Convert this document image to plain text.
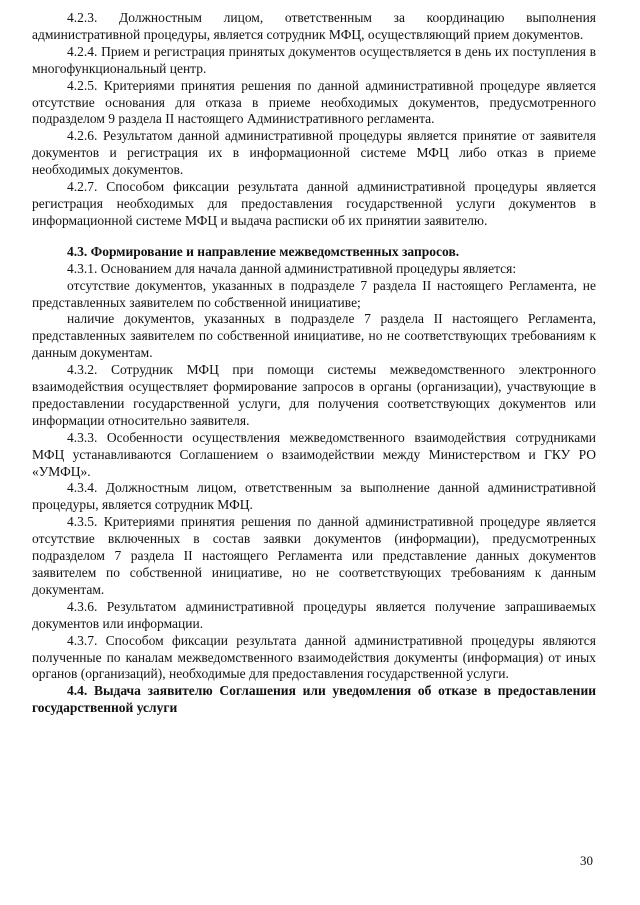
4.2.3. Должностным лицом, ответственным за координацию выполнения административной процедуры, является сотрудник МФЦ, осуществляющий прием документов.

4.2.4. Прием и регистрация принятых документов осуществляется в день их поступления в многофункциональный центр.

4.2.5. Критериями принятия решения по данной административной процедуре является отсутствие основания для отказа в приеме необходимых документов, предусмотренного подразделом 9 раздела II настоящего Административного регламента.

4.2.6. Результатом данной административной процедуры является принятие от заявителя документов и регистрация их в информационной системе МФЦ либо отказ в приеме необходимых документов.

4.2.7. Способом фиксации результата данной административной процедуры является регистрация необходимых для предоставления государственной услуги документов в информационной системе МФЦ и выдача расписки об их принятии заявителю.

4.3. Формирование и направление межведомственных запросов.

4.3.1. Основанием для начала данной административной процедуры является:

отсутствие документов, указанных в подразделе 7 раздела II настоящего Регламента, не представленных заявителем по собственной инициативе;

наличие документов, указанных в подразделе 7 раздела II настоящего Регламента, представленных заявителем по собственной инициативе, но не соответствующих требованиям к данным документам.

4.3.2. Сотрудник МФЦ при помощи системы межведомственного электронного взаимодействия осуществляет формирование запросов в органы (организации), участвующие в предоставлении государственной услуги, для получения соответствующих документов или информации относительно заявителя.

4.3.3. Особенности осуществления межведомственного взаимодействия сотрудниками МФЦ устанавливаются Соглашением о взаимодействии между Министерством и ГКУ РО «УМФЦ».

4.3.4. Должностным лицом, ответственным за выполнение данной административной процедуры, является сотрудник МФЦ.

4.3.5. Критериями принятия решения по данной административной процедуре является отсутствие включенных в состав заявки документов (информации), предусмотренных подразделом 7 раздела II настоящего Регламента или представление данных документов заявителем по собственной инициативе, но не соответствующих требованиям к данным документам.

4.3.6. Результатом административной процедуры является получение запрашиваемых документов или информации.

4.3.7. Способом фиксации результата данной административной процедуры являются полученные по каналам межведомственного взаимодействия документы (информация) от иных органов (организаций), необходимые для предоставления государственной услуги.

4.4. Выдача заявителю Соглашения или уведомления об отказе в предоставлении государственной услуги

30
